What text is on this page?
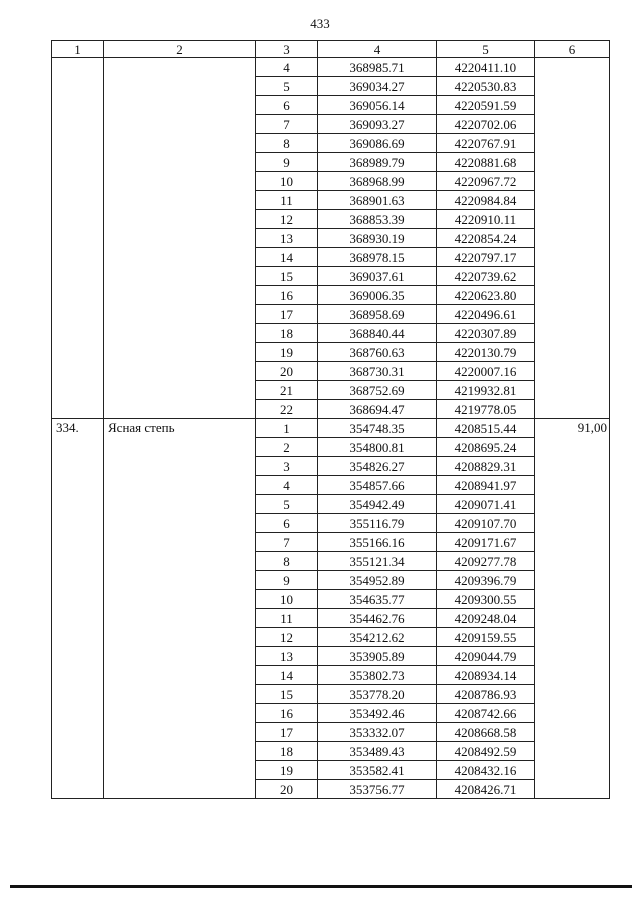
433
1	2	3	4	5	6
		4	368985.71	4220411.10	
		5	369034.27	4220530.83	
		6	369056.14	4220591.59	
		7	369093.27	4220702.06	
		8	369086.69	4220767.91	
		9	368989.79	4220881.68	
		10	368968.99	4220967.72	
		11	368901.63	4220984.84	
		12	368853.39	4220910.11	
		13	368930.19	4220854.24	
		14	368978.15	4220797.17	
		15	369037.61	4220739.62	
		16	369006.35	4220623.80	
		17	368958.69	4220496.61	
		18	368840.44	4220307.89	
		19	368760.63	4220130.79	
		20	368730.31	4220007.16	
		21	368752.69	4219932.81	
		22	368694.47	4219778.05	
334.	Ясная степь	1	354748.35	4208515.44	91,00
		2	354800.81	4208695.24	
		3	354826.27	4208829.31	
		4	354857.66	4208941.97	
		5	354942.49	4209071.41	
		6	355116.79	4209107.70	
		7	355166.16	4209171.67	
		8	355121.34	4209277.78	
		9	354952.89	4209396.79	
		10	354635.77	4209300.55	
		11	354462.76	4209248.04	
		12	354212.62	4209159.55	
		13	353905.89	4209044.79	
		14	353802.73	4208934.14	
		15	353778.20	4208786.93	
		16	353492.46	4208742.66	
		17	353332.07	4208668.58	
		18	353489.43	4208492.59	
		19	353582.41	4208432.16	
		20	353756.77	4208426.71	
